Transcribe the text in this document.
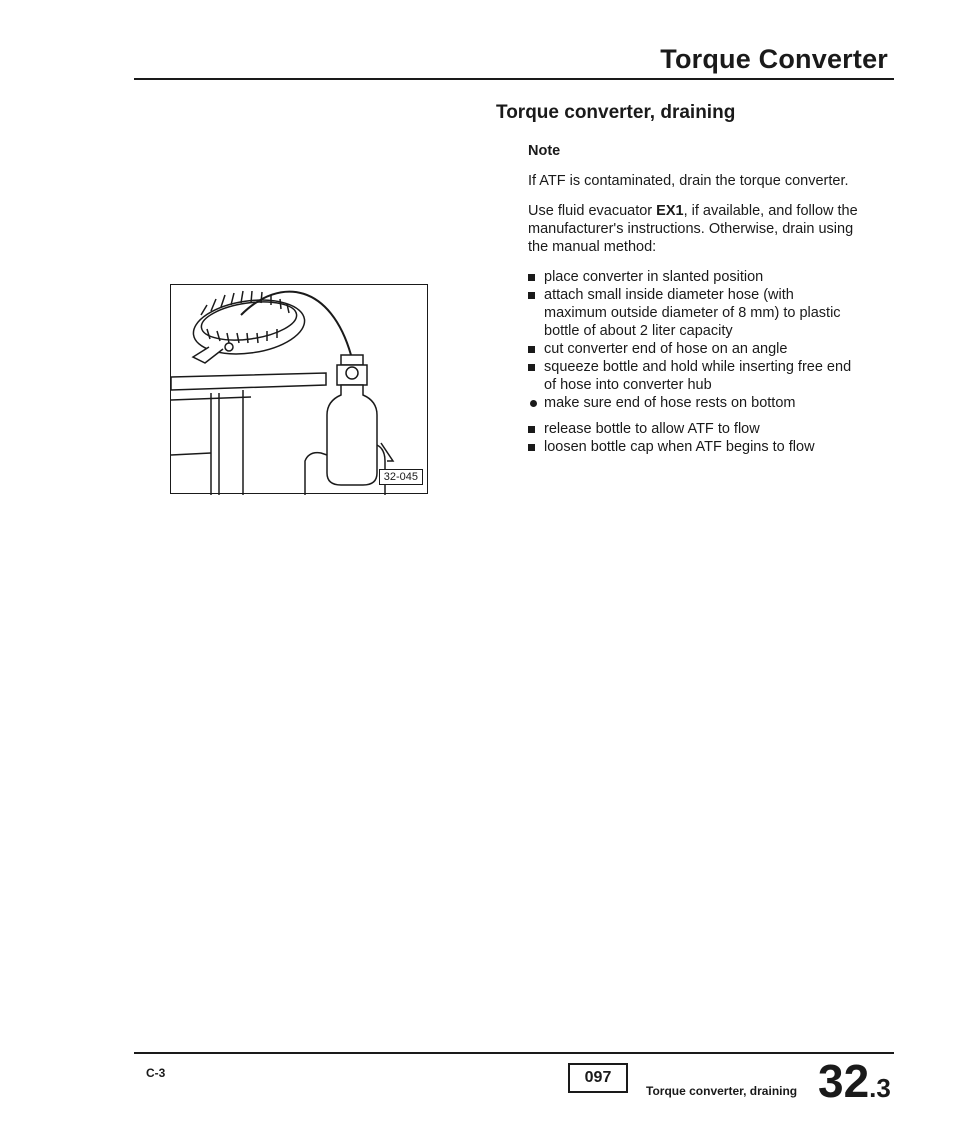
Torque Converter
Torque converter, draining

Note

If ATF is contaminated, drain the torque converter.

Use fluid evacuator EX1, if available, and follow the manufacturer's instructions. Otherwise, drain using the manual method:

place converter in slanted position
attach small inside diameter hose (with maximum outside diameter of 8 mm) to plastic bottle of about 2 liter capacity
cut converter end of hose on an angle
squeeze bottle and hold while inserting free end of hose into converter hub
make sure end of hose rests on bottom
release bottle to allow ATF to flow
loosen bottle cap when ATF begins to flow
32-045
C-3	097
Torque converter, draining 32.3
